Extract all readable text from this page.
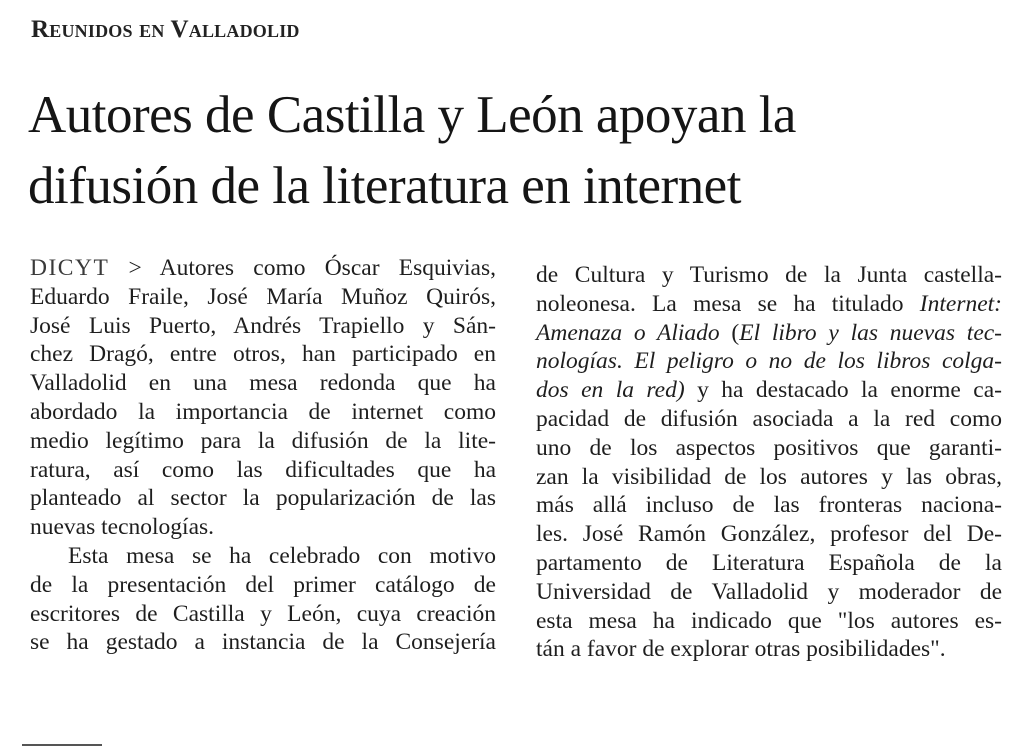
Reunidos en Valladolid
Autores de Castilla y León apoyan la
difusión de la literatura en internet
DICYT > Autores como Óscar Esquivias,
Eduardo Fraile, José María Muñoz Quirós,
José Luis Puerto, Andrés Trapiello y Sán-
chez Dragó, entre otros, han participado en
Valladolid en una mesa redonda que ha
abordado la importancia de internet como
medio legítimo para la difusión de la lite-
ratura, así como las dificultades que ha
planteado al sector la popularización de las
nuevas tecnologías.
Esta mesa se ha celebrado con motivo
de la presentación del primer catálogo de
escritores de Castilla y León, cuya creación
se ha gestado a instancia de la Consejería
de Cultura y Turismo de la Junta castella-
noleonesa. La mesa se ha titulado Internet:
Amenaza o Aliado (El libro y las nuevas tec-
nologías. El peligro o no de los libros colga-
dos en la red) y ha destacado la enorme ca-
pacidad de difusión asociada a la red como
uno de los aspectos positivos que garanti-
zan la visibilidad de los autores y las obras,
más allá incluso de las fronteras naciona-
les. José Ramón González, profesor del De-
partamento de Literatura Española de la
Universidad de Valladolid y moderador de
esta mesa ha indicado que "los autores es-
tán a favor de explorar otras posibilidades".
